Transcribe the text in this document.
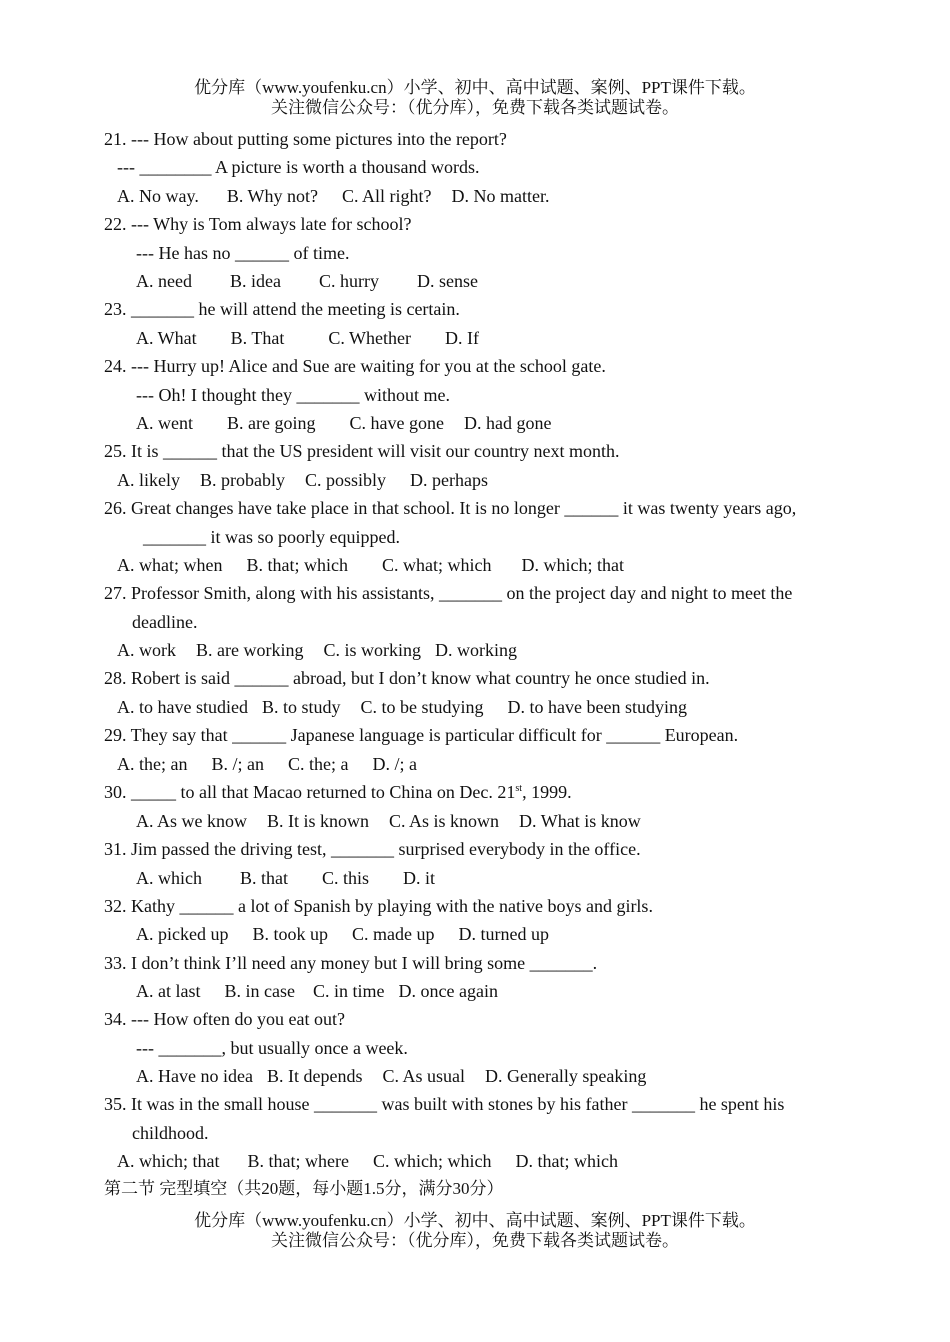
优分库（www.youfenku.cn）小学、初中、高中试题、案例、PPT课件下载。
关注微信公众号：（优分库），免费下载各类试题试卷。
21. --- How about putting some pictures into the report?
--- ________ A picture is worth a thousand words.
A. No way. B. Why not? C. All right? D. No matter.
22. --- Why is Tom always late for school?
--- He has no ______ of time.
A. need B. idea C. hurry D. sense
23. _______ he will attend the meeting is certain.
A. What B. That C. Whether D. If
24. --- Hurry up! Alice and Sue are waiting for you at the school gate.
--- Oh! I thought they _______ without me.
A. went B. are going C. have gone D. had gone
25. It is ______ that the US president will visit our country next month.
A. likely B. probably C. possibly D. perhaps
26. Great changes have take place in that school. It is no longer ______ it was twenty years ago,
_______ it was so poorly equipped.
A. what; when B. that; which C. what; which D. which; that
27. Professor Smith, along with his assistants, _______ on the project day and night to meet the
deadline.
A. work B. are working C. is working D. working
28. Robert is said ______ abroad, but I don’t know what country he once studied in.
A. to have studied B. to study C. to be studying D. to have been studying
29. They say that ______ Japanese language is particular difficult for ______ European.
A. the; an B. /; an C. the; a D. /; a
30. _____ to all that Macao returned to China on Dec. 21st, 1999.
A. As we know B. It is known C. As is known D. What is know
31. Jim passed the driving test, _______ surprised everybody in the office.
A. which B. that C. this D. it
32. Kathy ______ a lot of Spanish by playing with the native boys and girls.
A. picked up B. took up C. made up D. turned up
33. I don’t think I’ll need any money but I will bring some _______.
A. at last B. in case C. in time D. once again
34. --- How often do you eat out?
--- _______, but usually once a week.
A. Have no idea B. It depends C. As usual D. Generally speaking
35. It was in the small house _______ was built with stones by his father _______ he spent his
childhood.
A. which; that B. that; where C. which; which D. that; which
第二节 完型填空（共20题，每小题1.5分，满分30分）
优分库（www.youfenku.cn）小学、初中、高中试题、案例、PPT课件下载。
关注微信公众号：（优分库），免费下载各类试题试卷。
